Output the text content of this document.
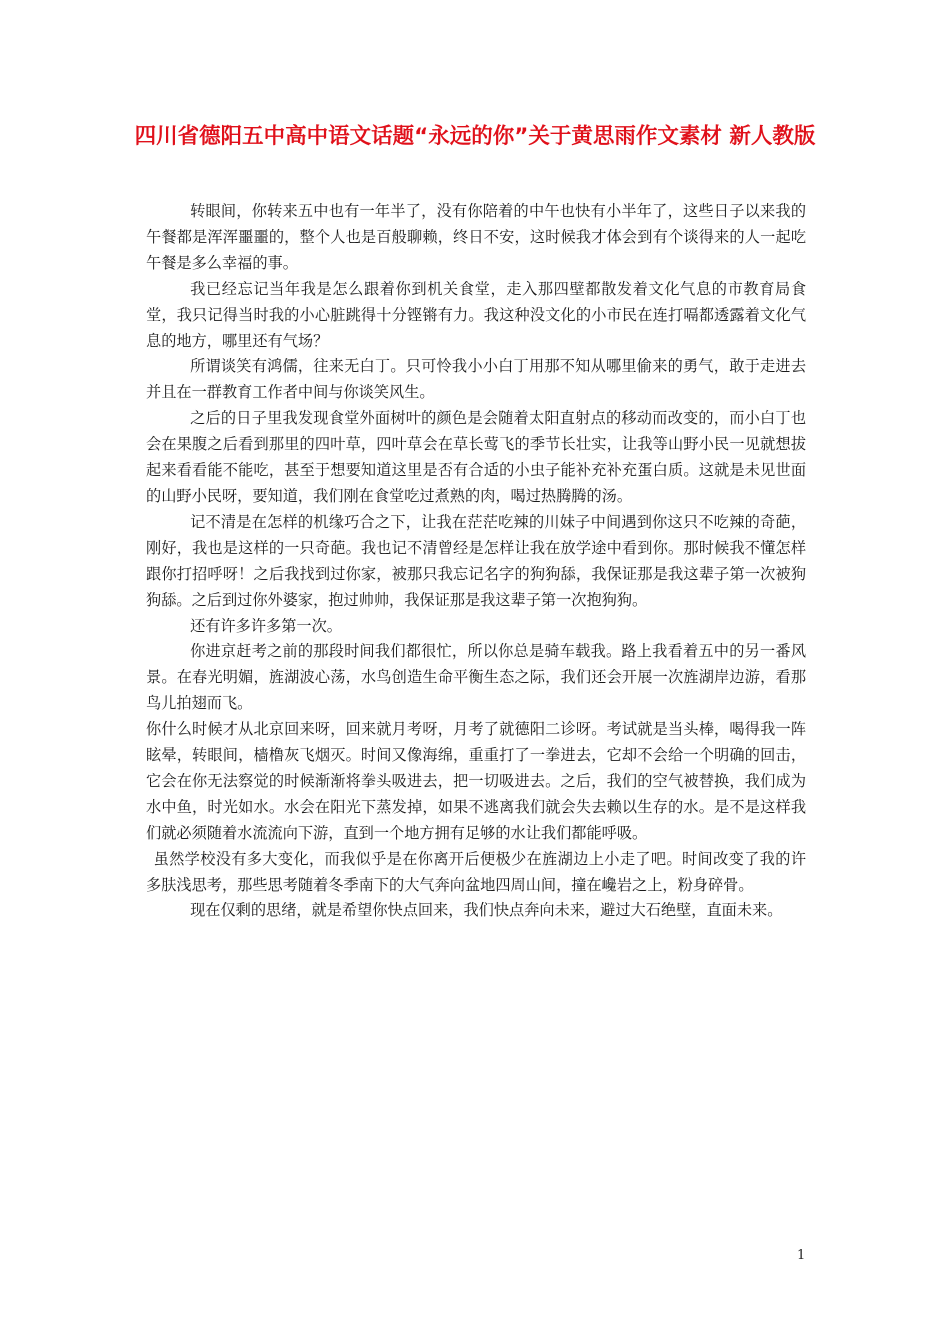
四川省德阳五中高中语文话题“永远的你”关于黄思雨作文素材 新人教版

转眼间，你转来五中也有一年半了，没有你陪着的中午也快有小半年了，这些日子以来我的午餐都是浑浑噩噩的，整个人也是百般聊赖，终日不安，这时候我才体会到有个谈得来的人一起吃午餐是多么幸福的事。

我已经忘记当年我是怎么跟着你到机关食堂，走入那四壁都散发着文化气息的市教育局食堂，我只记得当时我的小心脏跳得十分铿锵有力。我这种没文化的小市民在连打嗝都透露着文化气息的地方，哪里还有气场？

所谓谈笑有鸿儒，往来无白丁。只可怜我小小白丁用那不知从哪里偷来的勇气，敢于走进去并且在一群教育工作者中间与你谈笑风生。

之后的日子里我发现食堂外面树叶的颜色是会随着太阳直射点的移动而改变的，而小白丁也会在果腹之后看到那里的四叶草，四叶草会在草长莺飞的季节长壮实，让我等山野小民一见就想拔起来看看能不能吃，甚至于想要知道这里是否有合适的小虫子能补充补充蛋白质。这就是未见世面的山野小民呀，要知道，我们刚在食堂吃过煮熟的肉，喝过热腾腾的汤。

记不清是在怎样的机缘巧合之下，让我在茫茫吃辣的川妹子中间遇到你这只不吃辣的奇葩，刚好，我也是这样的一只奇葩。我也记不清曾经是怎样让我在放学途中看到你。那时候我不懂怎样跟你打招呼呀！之后我找到过你家，被那只我忘记名字的狗狗舔，我保证那是我这辈子第一次被狗狗舔。之后到过你外婆家，抱过帅帅，我保证那是我这辈子第一次抱狗狗。

还有许多许多第一次。

你进京赶考之前的那段时间我们都很忙，所以你总是骑车载我。路上我看着五中的另一番风景。在春光明媚，旌湖波心荡，水鸟创造生命平衡生态之际，我们还会开展一次旌湖岸边游，看那鸟儿拍翅而飞。

你什么时候才从北京回来呀，回来就月考呀，月考了就德阳二诊呀。考试就是当头棒，喝得我一阵眩晕，转眼间，樯橹灰飞烟灭。时间又像海绵，重重打了一拳进去，它却不会给一个明确的回击，它会在你无法察觉的时候渐渐将拳头吸进去，把一切吸进去。之后，我们的空气被替换，我们成为水中鱼，时光如水。水会在阳光下蒸发掉，如果不逃离我们就会失去赖以生存的水。是不是这样我们就必须随着水流流向下游，直到一个地方拥有足够的水让我们都能呼吸。

虽然学校没有多大变化，而我似乎是在你离开后便极少在旌湖边上小走了吧。时间改变了我的许多肤浅思考，那些思考随着冬季南下的大气奔向盆地四周山间，撞在巉岩之上，粉身碎骨。

现在仅剩的思绪，就是希望你快点回来，我们快点奔向未来，避过大石绝壁，直面未来。

1
